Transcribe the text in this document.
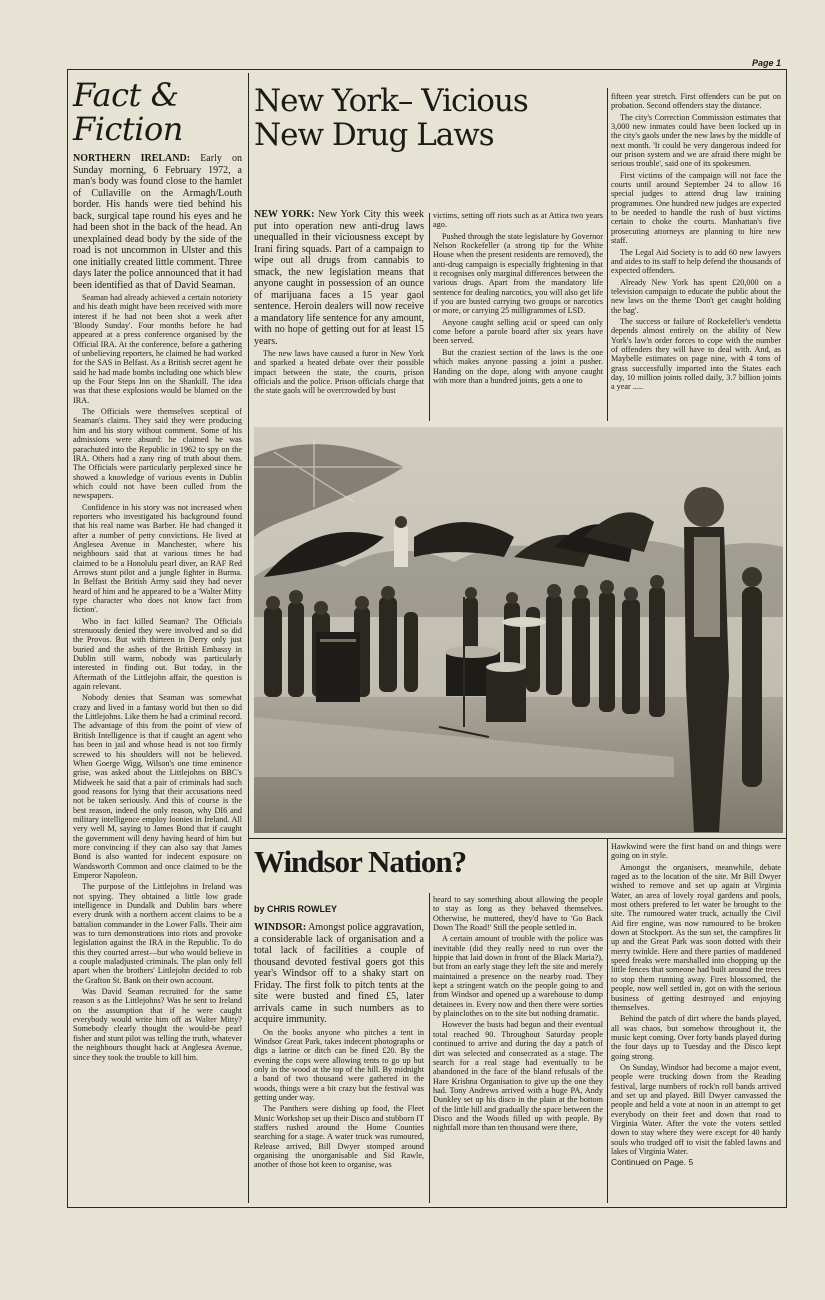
Page 1
Fact &
Fiction

NORTHERN IRELAND: Early on Sunday morning, 6 February 1972, a man's body was found close to the hamlet of Cullaville on the Armagh/Louth border. His hands were tied behind his back, surgical tape round his eyes and he had been shot in the back of the head. An unexplained dead body by the side of the road is not uncommon in Ulster and this one initially created little comment. Three days later the police announced that it had been identified as that of David Seaman.

Seaman had already achieved a certain notoriety and his death might have been received with more interest if he had not been shot a week after 'Bloody Sunday'. Four months before he had appeared at a press conference organised by the Official IRA. At the conference, before a gathering of unbelieving reporters, he claimed he had worked for the SAS in Belfast. As a British secret agent he said he had made bombs including one which blew up the Four Steps Inn on the Shankill. The idea was that these explosions would be blamed on the IRA.

The Officials were themselves sceptical of Seaman's claims. They said they were producing him and his story without comment. Some of his admissions were absurd: he claimed he was parachuted into the Republic in 1962 to spy on the IRA. Others had a zany ring of truth about them. The Officials were particularly perplexed since he showed a knowledge of various events in Dublin which could not have been culled from the newspapers.

Confidence in his story was not increased when reporters who investigated his background found that his real name was Barber. He had changed it after a number of petty convictions. He lived at Anglesea Avenue in Manchester, where his neighbours said that at various times he had claimed to be a Honolulu pearl diver, an RAF Red Arrows stunt pilot and a jungle fighter in Burma. In Belfast the British Army said they had never heard of him and he appeared to be a 'Walter Mitty type character who does not know fact from fiction'.

Who in fact killed Seaman? The Officials strenuously denied they were involved and so did the Provos. But with thirteen in Derry only just buried and the ashes of the British Embassy in Dublin still warm, nobody was particularly interested in finding out. But today, in the Aftermath of the Littlejohn affair, the question is again relevant.

Nobody denies that Seaman was somewhat crazy and lived in a fantasy world but then so did the Littlejohns. Like them he had a criminal record. The advantage of this from the point of view of British Intelligence is that if caught an agent who has been in jail and whose head is not too firmly screwed to his shoulders will not be believed. When Goerge Wigg, Wilson's one time eminence grise, was asked about the Littlejohns on BBC's Midweek he said that a pair of criminals had such good reasons for lying that their accusations need not be taken seriously. And this of course is the best reason, indeed the only reason, why DI6 and military intelligence employ loonies in Ireland. All very well M, saying to James Bond that if caught the government will deny having heard of him but more convincing if they can also say that James Bond is also wanted for indecent exposure on Wandsworth Common and once claimed to be the Emperor Napoleon.

The purpose of the Littlejohns in Ireland was not spying. They obtained a little low grade intelligence in Dundalk and Dublin bars where every drunk with a northern accent claims to be a battalion commander in the Lower Falls. Their aim was to turn demonstrations into riots and provoke legislation against the IRA in the Republic. To do this they courted arrest—but who would believe in a couple maladjusted criminals. The plan only fell apart when the brothers' Littlejohn decided to rob the Grafton St. Bank on their own account.

Was David Seaman recruited for the same reason s as the Littlejohns? Was he sent to Ireland on the assumption that if he were caught everybody would write him off as Walter Mitty? Somebody clearly thought the would-be pearl fisher and stunt pilot was telling the truth, whatever the neighbours thought back at Anglesea Avenue, since they took the trouble to kill him.

New York– Vicious New Drug Laws

NEW YORK: New York City this week put into operation new anti-drug laws unequalled in their viciousness except by Irani firing squads. Part of a campaign to wipe out all drugs from cannabis to smack, the new legislation means that anyone caught in possession of an ounce of marijuana faces a 15 year gaol sentence. Heroin dealers will now receive a mandatory life sentence for any amount, with no hope of getting out for at least 15 years.

The new laws have caused a furor in New York and sparked a heated debate over their possible impact between the state, the courts, prison officials and the police. Prison officials charge that the state gaols will be overcrowded by bust

victims, setting off riots such as at Attica two years ago.

Pushed through the state legislature by Governor Nelson Rockefeller (a strong tip for the White House when the present residents are removed), the anti-drug campaign is especially frightening in that it recognises only marginal differences between the various drugs. Apart from the mandatory life sentence for dealing narcotics, you will also get life if you are busted carrying two groups or narcotics or more, or carrying 25 milligrammes of LSD.

Anyone caught selling acid or speed can only come before a parole board after six years have been served.

But the craziest section of the laws is the one which makes anyone passing a joint a pusher. Handing on the dope, along with anyone caught with more than a hundred joints, gets a one to

fifteen year stretch. First offenders can be put on probation. Second offenders stay the distance.

The city's Correction Commission estimates that 3,000 new inmates could have been locked up in the city's gaols under the new laws by the middle of next month. 'It could be very dangerous indeed for our prison system and we are afraid there might be serious trouble', said one of its spokesmen.

First victims of the campaign will not face the courts until around September 24 to allow 16 special judges to attend drug law training programmes. One hundred new judges are expected to be needed to handle the rush of bust victims certain to choke the courts. Manhattan's five prosecuting attorneys are planning to hire new staff.

The Legal Aid Society is to add 60 new lawyers and aides to its staff to help defend the thousands of expected offenders.

Already New York has spent £20,000 on a television campaign to educate the public about the new laws on the theme 'Don't get caught holding the bag'.

The success or failure of Rockefeller's vendetta depends almost entirely on the ability of New York's law'n order forces to cope with the number of offenders they will have to deal with. And, as Maybelle estimates on page nine, with 4 tons of grass successfully imported into the States each day, 10 million joints rolled daily, 3.7 billion joints a year .....

Windsor Nation?
by CHRIS ROWLEY

WINDSOR: Amongst police aggravation, a considerable lack of organisation and a total lack of facilities a couple of thousand devoted festival goers got this year's Windsor off to a shaky start on Friday. The first folk to pitch tents at the site were busted and fined £5, later arrivals came in such numbers as to acquire immunity.

On the books anyone who pitches a tent in Windsor Great Park, takes indecent photographs or digs a latrine or ditch can be fined £20. By the evening the cops were allowing tents to go up but only in the wood at the top of the hill. By midnight a band of two thousand were gathered in the woods, things were a bit crazy but the festival was getting under way.

The Panthers were dishing up food, the Fleet Music Workshop set up their Disco and stubborn IT staffers rushed around the Home Counties searching for a stage. A water truck was rumoured, Release arrived, Bill Dwyer stomped around organising the unorganisable and Sid Rawle, another of those hot keen to organise, was

heard to say something about allowing the people to stay as long as they behaved themselves. Otherwise, he muttered, they'd have to 'Go Back Down The Road!' Still the people settled in.

A certain amount of trouble with the police was inevitable (did they really need to run over the hippie that laid down in front of the Black Maria?), but from an early stage they left the site and merely maintained a presence on the nearby road. They kept a stringent watch on the people going to and from Windsor and opened up a warehouse to dump detainees in. Every now and then there were sorties by plainclothes on to the site but nothing dramatic.

However the busts had begun and their eventual total reached 90. Throughout Saturday people continued to arrive and during the day a patch of dirt was selected and consecrated as a stage. The search for a real stage had eventually to be abandoned in the face of the bland refusals of the Hare Krishna Organisation to give up the one they had. Tony Andrews arrived with a huge PA, Andy Dunkley set up his disco in the plain at the bottom of the little hill and gradually the space between the Disco and the Woods filled up with people. By nightfall more than ten thousand were there,

Hawkwind were the first band on and things were going on in style.

Amongst the organisers, meanwhile, debate raged as to the location of the site. Mr Bill Dwyer wished to remove and set up again at Virginia Water, an area of lovely royal gardens and pools, most others prefered to let water be brought to the site. The rumoured water truck, actually the Civil Aid fire engine, was now rumoured to be broken down at Stockport. As the sun set, the campfires lit up and the Great Park was soon dotted with their merry twinkle. Here and there parties of maddened speed freaks were marshalled into chopping up the little fences that someone had built around the trees to stop them running away. Fires blossomed, the people, now well settled in, got on with the serious business of getting destroyed and enjoying themselves.

Behind the patch of dirt where the bands played, all was chaos, but somehow throughout it, the music kept coming. Over forty bands played during the four days up to Tuesday and the Disco kept going strong.

On Sunday, Windsor had become a major event, people were trucking down from the Reading festival, large numbers of rock'n roll bands arrived and set up and played. Bill Dwyer canvassed the people and held a vote at noon in an attempt to get everybody on their feet and down that road to Virginia Water. After the vote the voters settled down to stay where they were except for 40 hardy souls who trudged off to visit the fabled lawns and lakes of Virginia Water.

Continued on Page. 5
